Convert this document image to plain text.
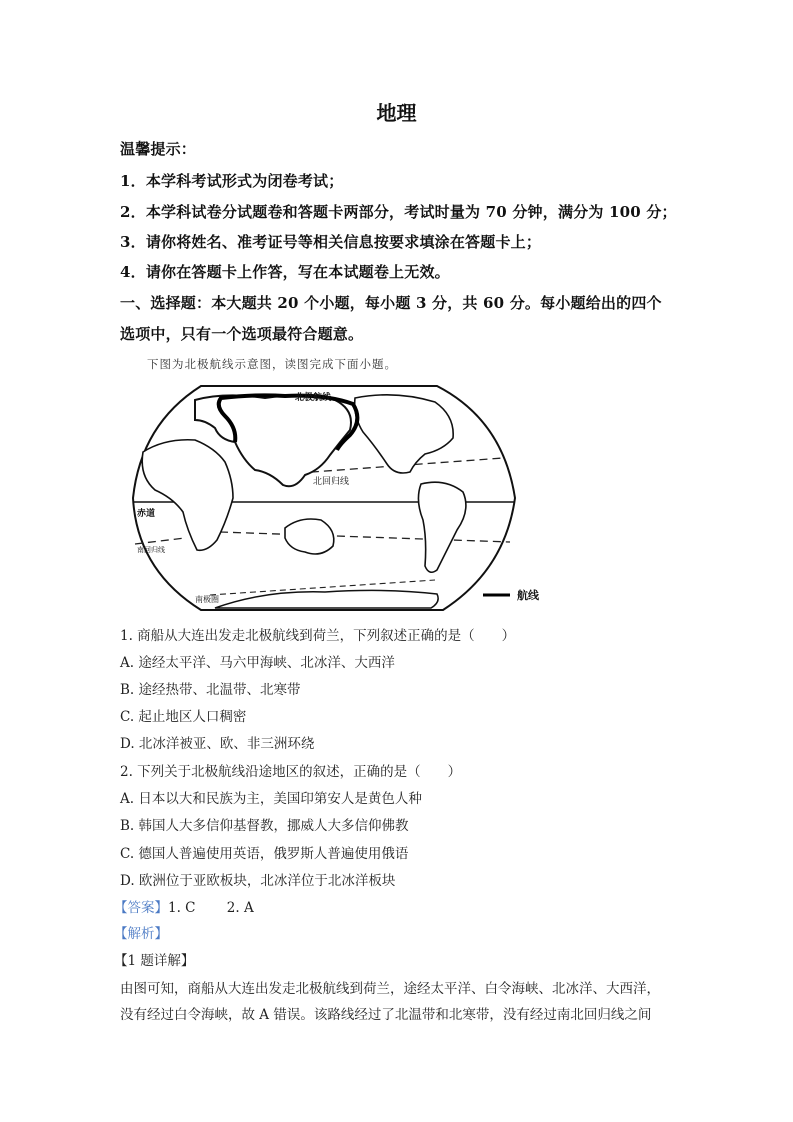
地理
温馨提示：
1．本学科考试形式为闭卷考试；
2．本学科试卷分试题卷和答题卡两部分，考试时量为 70 分钟，满分为 100 分；
3．请你将姓名、准考证号等相关信息按要求填涂在答题卡上；
4．请你在答题卡上作答，写在本试题卷上无效。
一、选择题：本大题共 20 个小题，每小题 3 分，共 60 分。每小题给出的四个
选项中，只有一个选项最符合题意。
下图为北极航线示意图，读图完成下面小题。
北极航线
北回归线
赤道
南回归线
南极圈	航线
1. 商船从大连出发走北极航线到荷兰，下列叙述正确的是（　　）
A. 途经太平洋、马六甲海峡、北冰洋、大西洋
B. 途经热带、北温带、北寒带
C. 起止地区人口稠密
D. 北冰洋被亚、欧、非三洲环绕
2. 下列关于北极航线沿途地区的叙述，正确的是（　　）
A. 日本以大和民族为主，美国印第安人是黄色人种
B. 韩国人大多信仰基督教，挪威人大多信仰佛教
C. 德国人普遍使用英语，俄罗斯人普遍使用俄语
D. 欧洲位于亚欧板块，北冰洋位于北冰洋板块
【答案】1. C　　 2. A
【解析】
【1 题详解】
由图可知，商船从大连出发走北极航线到荷兰，途经太平洋、白令海峡、北冰洋、大西洋，
没有经过白令海峡，故 A 错误。该路线经过了北温带和北寒带，没有经过南北回归线之间
